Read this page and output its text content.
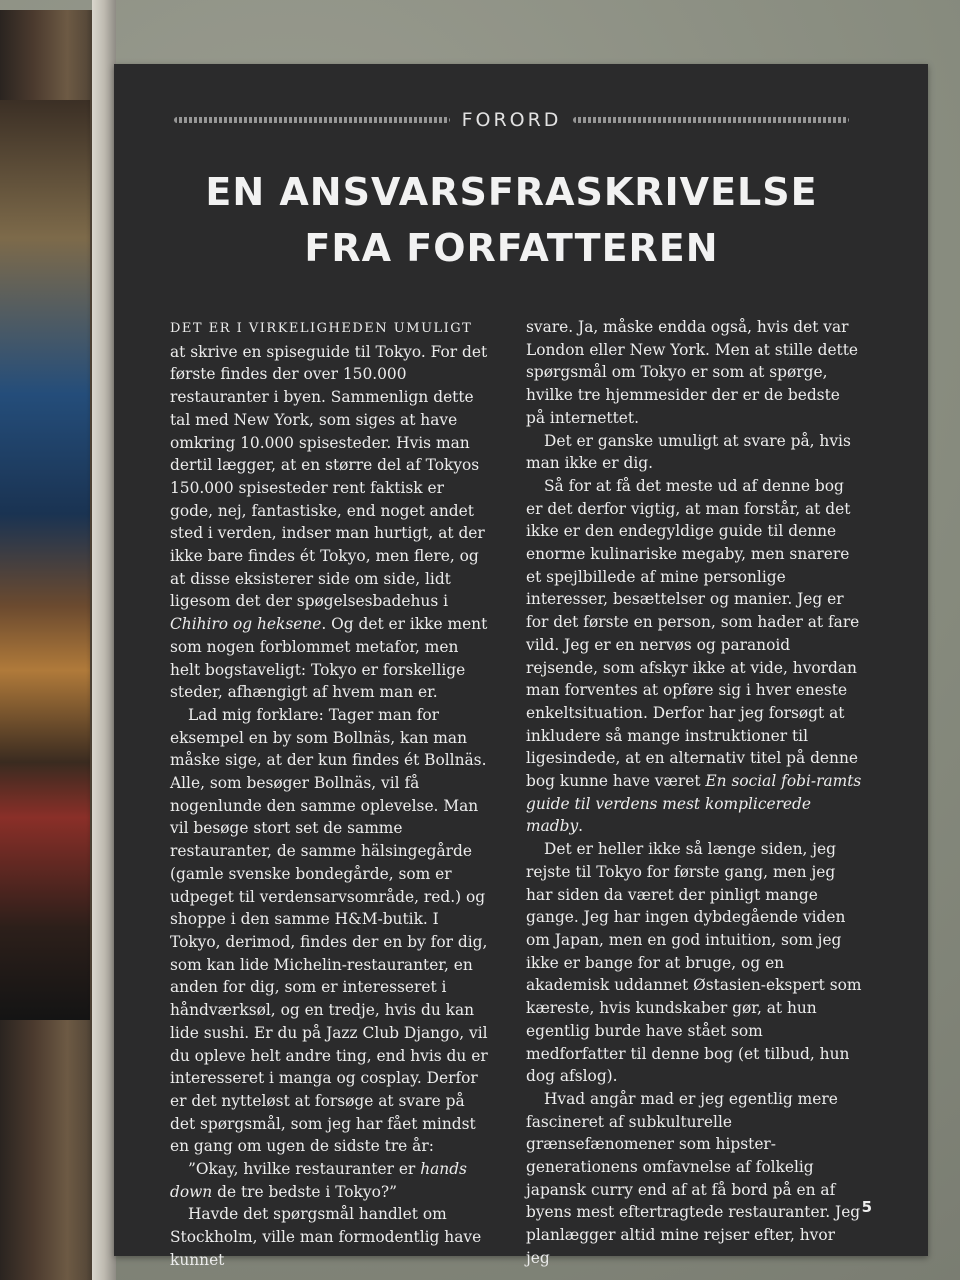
FORORD
EN ANSVARSFRASKRIVELSE
FRA FORFATTEREN

DET ER I VIRKELIGHEDEN UMULIGT at skrive en spiseguide til Tokyo. For det første findes der over 150.000 restauranter i byen. Sammenlign dette tal med New York, som siges at have omkring 10.000 spisesteder. Hvis man dertil lægger, at en større del af Tokyos 150.000 spisesteder rent faktisk er gode, nej, fantastiske, end noget andet sted i verden, indser man hurtigt, at der ikke bare findes ét Tokyo, men flere, og at disse eksisterer side om side, lidt ligesom det der spøgelsesbadehus i Chihiro og heksene. Og det er ikke ment som nogen forblommet metafor, men helt bogstaveligt: Tokyo er forskellige steder, afhængigt af hvem man er.

Lad mig forklare: Tager man for eksempel en by som Bollnäs, kan man måske sige, at der kun findes ét Bollnäs. Alle, som besøger Bollnäs, vil få nogenlunde den samme oplevelse. Man vil besøge stort set de samme restauranter, de samme hälsingegårde (gamle svenske bondegårde, som er udpeget til verdensarvsområde, red.) og shoppe i den samme H&M-butik. I Tokyo, derimod, findes der en by for dig, som kan lide Michelin-restauranter, en anden for dig, som er interesseret i håndværksøl, og en tredje, hvis du kan lide sushi. Er du på Jazz Club Django, vil du opleve helt andre ting, end hvis du er interesseret i manga og cosplay. Derfor er det nytteløst at forsøge at svare på det spørgsmål, som jeg har fået mindst en gang om ugen de sidste tre år:

”Okay, hvilke restauranter er hands down de tre bedste i Tokyo?”

Havde det spørgsmål handlet om Stockholm, ville man formodentlig have kunnet

svare. Ja, måske endda også, hvis det var London eller New York. Men at stille dette spørgsmål om Tokyo er som at spørge, hvilke tre hjemmesider der er de bedste på internettet.

Det er ganske umuligt at svare på, hvis man ikke er dig.

Så for at få det meste ud af denne bog er det derfor vigtig, at man forstår, at det ikke er den endegyldige guide til denne enorme kulinariske megaby, men snarere et spejlbillede af mine personlige interesser, besættelser og manier. Jeg er for det første en person, som hader at fare vild. Jeg er en nervøs og paranoid rejsende, som afskyr ikke at vide, hvordan man forventes at opføre sig i hver eneste enkeltsituation. Derfor har jeg forsøgt at inkludere så mange instruktioner til ligesindede, at en alternativ titel på denne bog kunne have været En social fobi-ramts guide til verdens mest komplicerede madby.

Det er heller ikke så længe siden, jeg rejste til Tokyo for første gang, men jeg har siden da været der pinligt mange gange. Jeg har ingen dybdegående viden om Japan, men en god intuition, som jeg ikke er bange for at bruge, og en akademisk uddannet Østasien-ekspert som kæreste, hvis kundskaber gør, at hun egentlig burde have stået som medforfatter til denne bog (et tilbud, hun dog afslog).

Hvad angår mad er jeg egentlig mere fascineret af subkulturelle grænsefænomener som hipster-generationens omfavnelse af folkelig japansk curry end af at få bord på en af byens mest eftertragtede restauranter. Jeg planlægger altid mine rejser efter, hvor jeg

5
